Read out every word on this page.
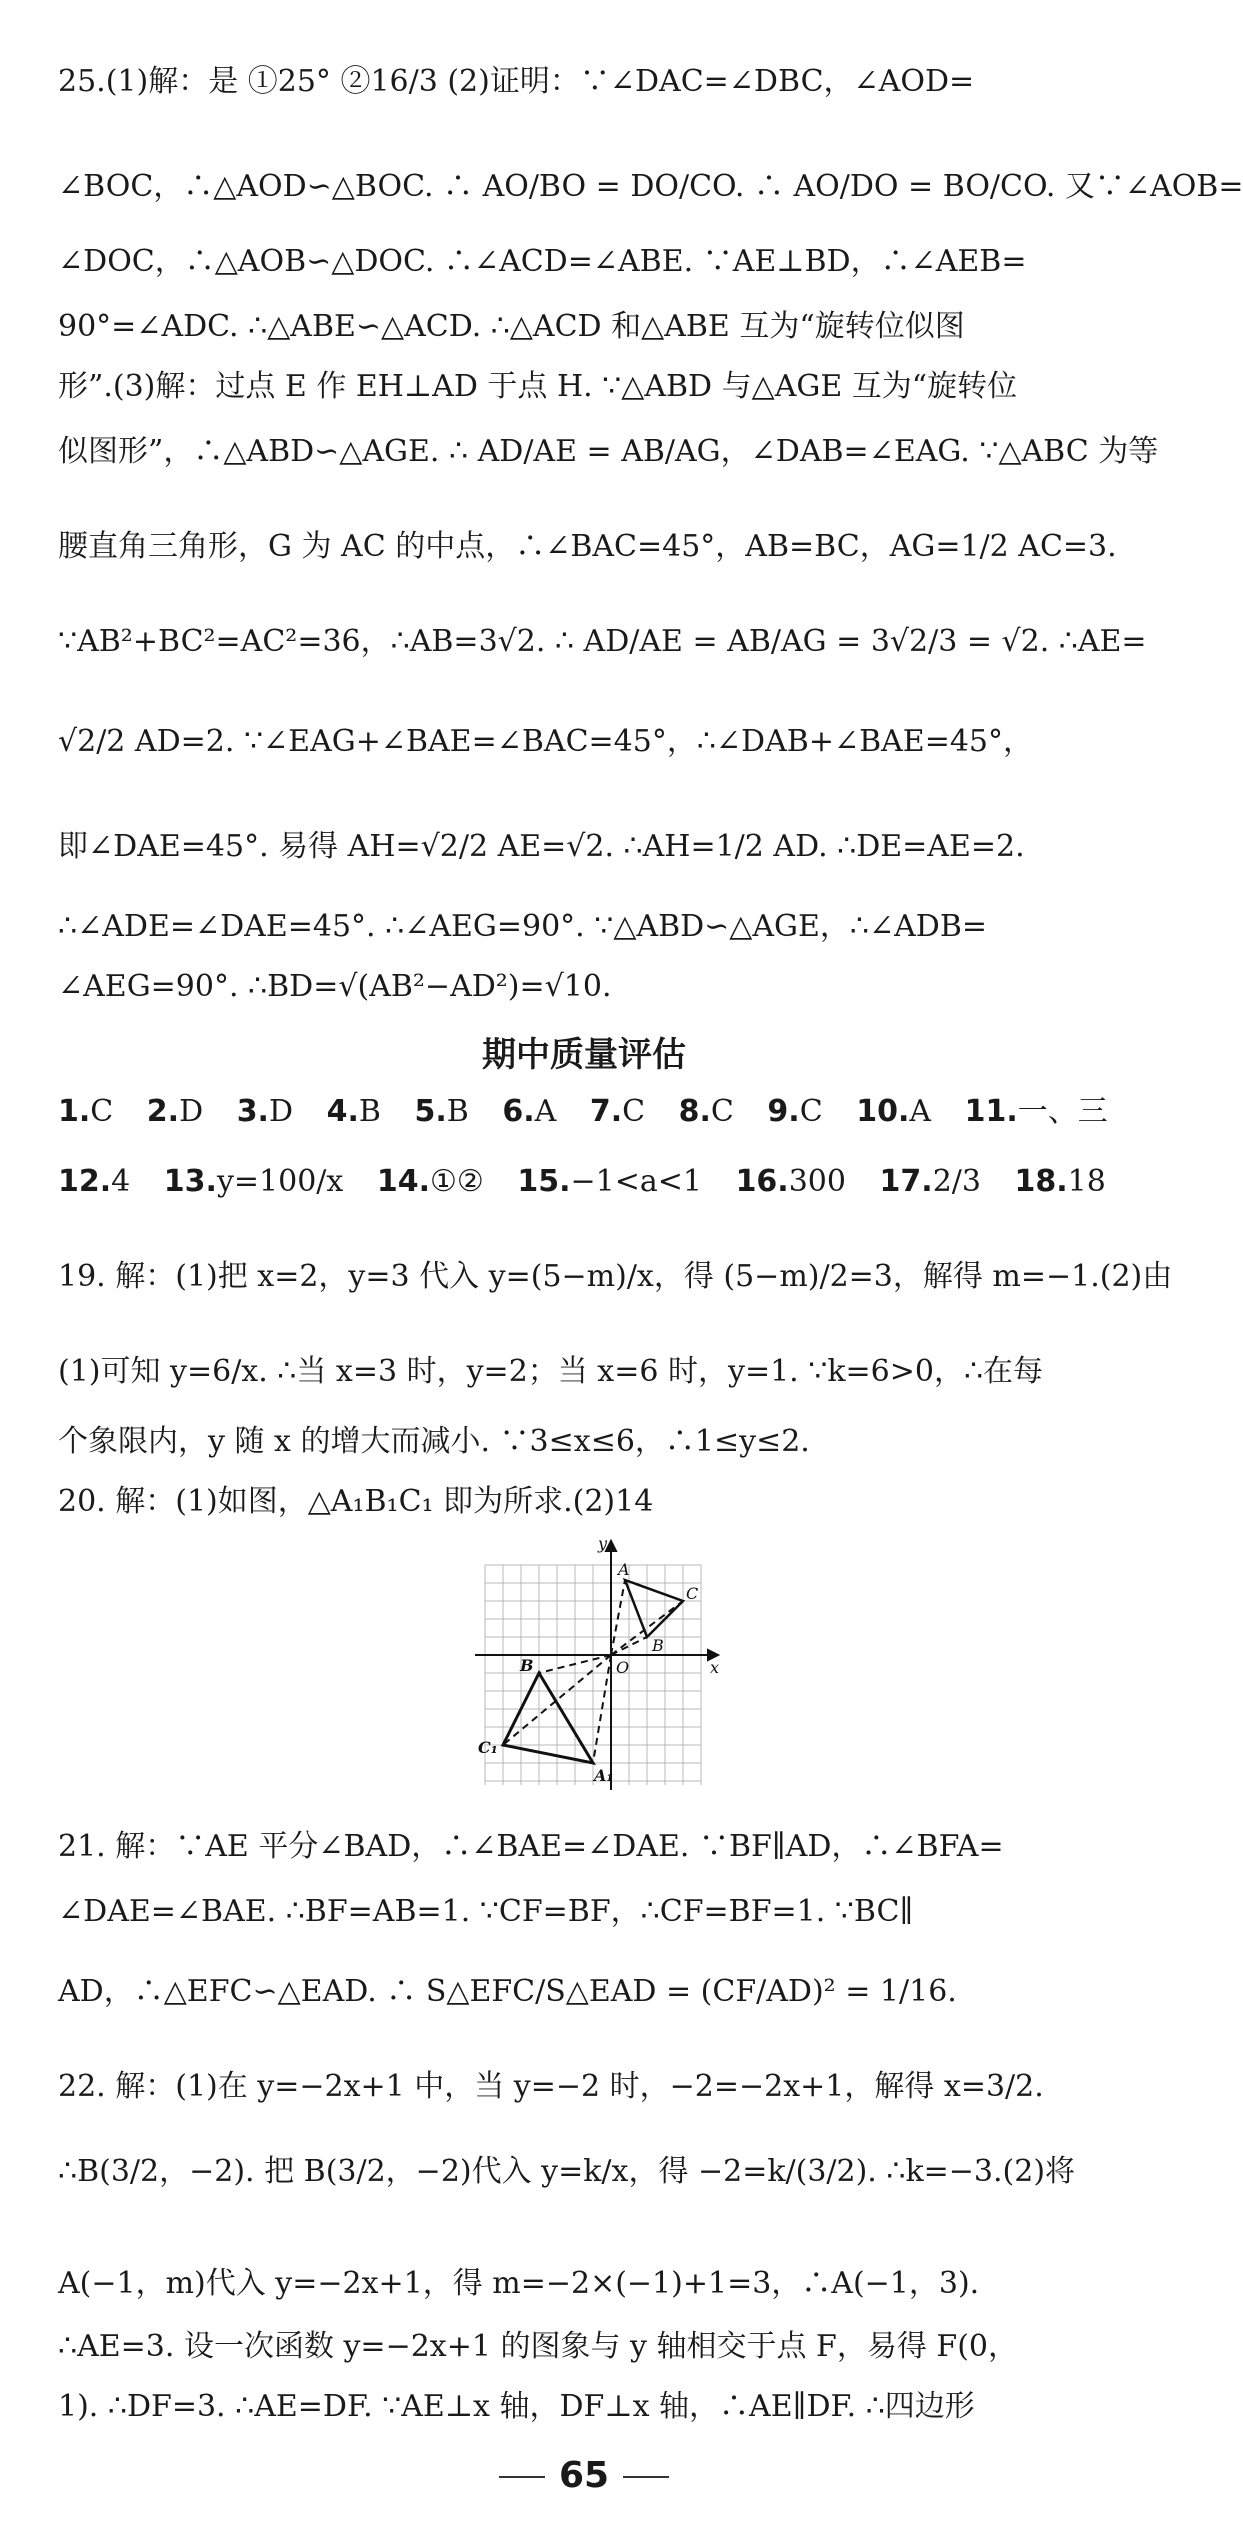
25.(1)解：是 ①25° ②16/3 (2)证明：∵∠DAC=∠DBC，∠AOD=
∠BOC，∴△AOD∽△BOC. ∴ AO/BO = DO/CO. ∴ AO/DO = BO/CO. 又∵∠AOB=
∠DOC，∴△AOB∽△DOC. ∴∠ACD=∠ABE. ∵AE⊥BD，∴∠AEB=
90°=∠ADC. ∴△ABE∽△ACD. ∴△ACD 和△ABE 互为“旋转位似图
形”.(3)解：过点 E 作 EH⊥AD 于点 H. ∵△ABD 与△AGE 互为“旋转位
似图形”，∴△ABD∽△AGE. ∴ AD/AE = AB/AG，∠DAB=∠EAG. ∵△ABC 为等
腰直角三角形，G 为 AC 的中点，∴∠BAC=45°，AB=BC，AG=1/2 AC=3.
∵AB²+BC²=AC²=36，∴AB=3√2. ∴ AD/AE = AB/AG = 3√2/3 = √2. ∴AE=
√2/2 AD=2. ∵∠EAG+∠BAE=∠BAC=45°，∴∠DAB+∠BAE=45°，
即∠DAE=45°. 易得 AH=√2/2 AE=√2. ∴AH=1/2 AD. ∴DE=AE=2.
∴∠ADE=∠DAE=45°. ∴∠AEG=90°. ∵△ABD∽△AGE，∴∠ADB=
∠AEG=90°. ∴BD=√(AB²−AD²)=√10.
期中质量评估
1.C 2.D 3.D 4.B 5.B 6.A 7.C 8.C 9.C 10.A 11.一、三
12.4 13.y=100/x 14.①② 15.−1<a<1 16.300 17.2/3 18.18
19. 解：(1)把 x=2，y=3 代入 y=(5−m)/x，得 (5−m)/2=3，解得 m=−1.(2)由
(1)可知 y=6/x. ∴当 x=3 时，y=2；当 x=6 时，y=1. ∵k=6>0，∴在每
个象限内，y 随 x 的增大而减小. ∵3≤x≤6，∴1≤y≤2.
20. 解：(1)如图，△A₁B₁C₁ 即为所求.(2)14
y
x
O
A
C
B
B
C₁
A₁
21. 解：∵AE 平分∠BAD，∴∠BAE=∠DAE. ∵BF∥AD，∴∠BFA=
∠DAE=∠BAE. ∴BF=AB=1. ∵CF=BF，∴CF=BF=1. ∵BC∥
AD，∴△EFC∽△EAD. ∴ S△EFC/S△EAD = (CF/AD)² = 1/16.
22. 解：(1)在 y=−2x+1 中，当 y=−2 时，−2=−2x+1，解得 x=3/2.
∴B(3/2，−2). 把 B(3/2，−2)代入 y=k/x，得 −2=k/(3/2). ∴k=−3.(2)将
A(−1，m)代入 y=−2x+1，得 m=−2×(−1)+1=3，∴A(−1，3).
∴AE=3. 设一次函数 y=−2x+1 的图象与 y 轴相交于点 F，易得 F(0，
1). ∴DF=3. ∴AE=DF. ∵AE⊥x 轴，DF⊥x 轴，∴AE∥DF. ∴四边形
65
